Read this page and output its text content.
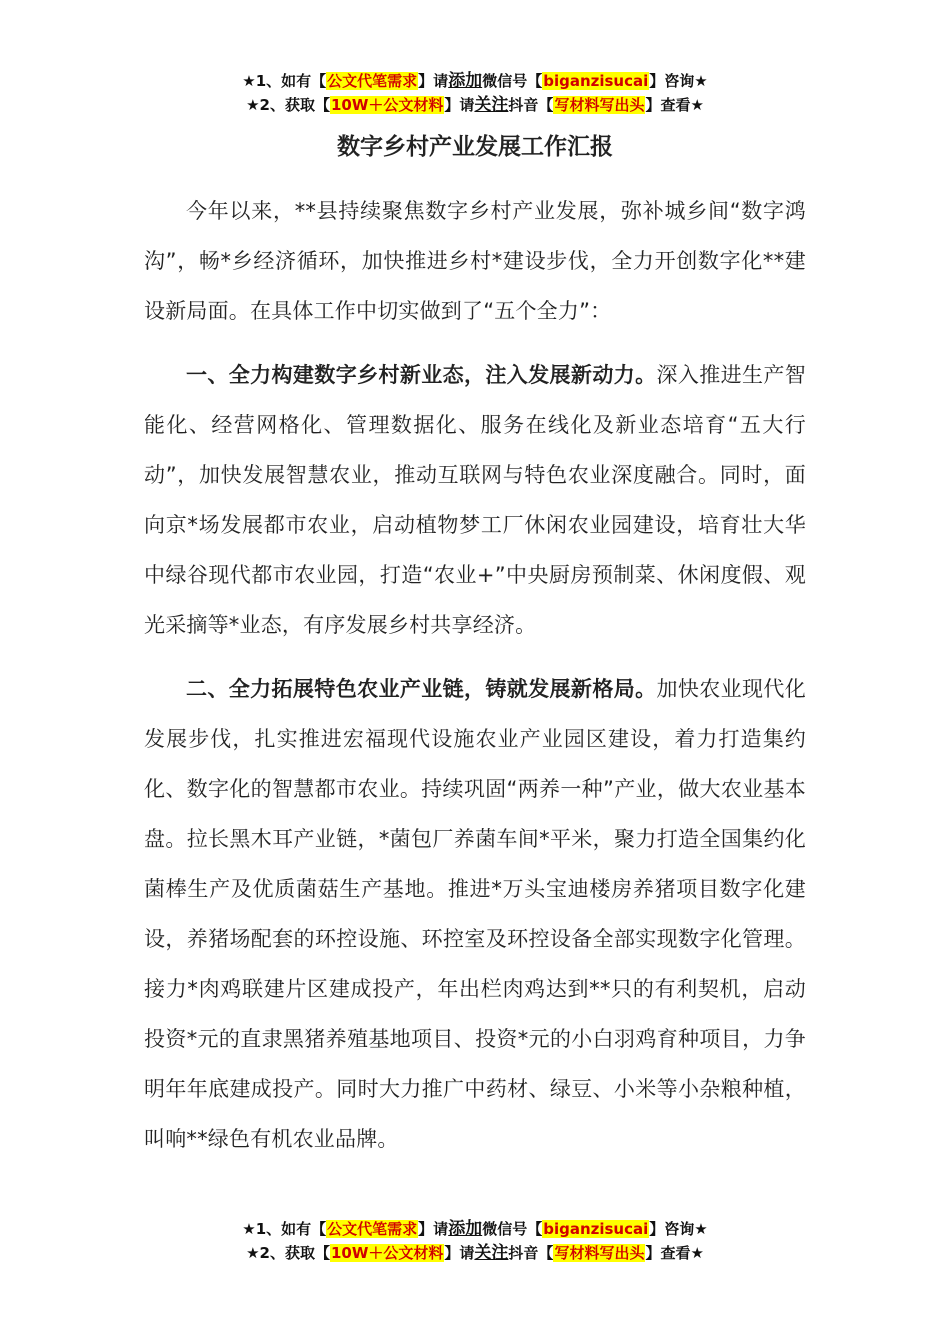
★1、如有【公文代笔需求】请添加微信号【biganzisucai】咨询★
★2、获取【10W＋公文材料】请关注抖音【写材料写出头】查看★
数字乡村产业发展工作汇报

今年以来，**县持续聚焦数字乡村产业发展，弥补城乡间“数字鸿沟”，畅*乡经济循环，加快推进乡村*建设步伐，全力开创数字化**建设新局面。在具体工作中切实做到了“五个全力”：

一、全力构建数字乡村新业态，注入发展新动力。深入推进生产智能化、经营网格化、管理数据化、服务在线化及新业态培育“五大行动”，加快发展智慧农业，推动互联网与特色农业深度融合。同时，面向京*场发展都市农业，启动植物梦工厂休闲农业园建设，培育壮大华中绿谷现代都市农业园，打造“农业+”中央厨房预制菜、休闲度假、观光采摘等*业态，有序发展乡村共享经济。

二、全力拓展特色农业产业链，铸就发展新格局。加快农业现代化发展步伐，扎实推进宏福现代设施农业产业园区建设，着力打造集约化、数字化的智慧都市农业。持续巩固“两养一种”产业，做大农业基本盘。拉长黑木耳产业链，*菌包厂养菌车间*平米，聚力打造全国集约化菌棒生产及优质菌菇生产基地。推进*万头宝迪楼房养猪项目数字化建设，养猪场配套的环控设施、环控室及环控设备全部实现数字化管理。接力*肉鸡联建片区建成投产，年出栏肉鸡达到**只的有利契机，启动投资*元的直隶黑猪养殖基地项目、投资*元的小白羽鸡育种项目，力争明年年底建成投产。同时大力推广中药材、绿豆、小米等小杂粮种植，叫响**绿色有机农业品牌。

★1、如有【公文代笔需求】请添加微信号【biganzisucai】咨询★
★2、获取【10W＋公文材料】请关注抖音【写材料写出头】查看★
